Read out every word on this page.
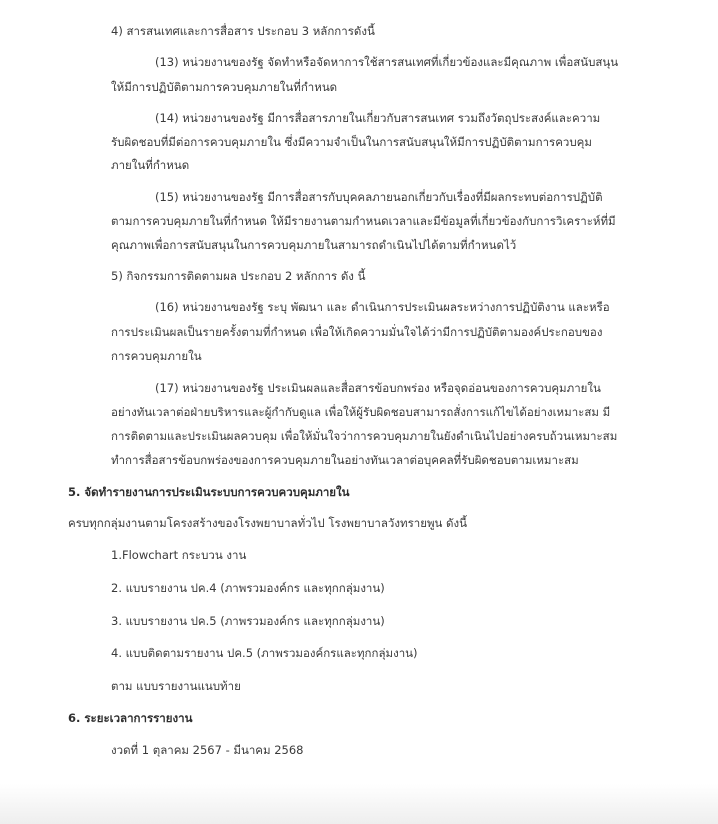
4) สารสนเทศและการสื่อสาร ประกอบ 3 หลักการดังนี้
(13) หน่วยงานของรัฐ จัดทำหรือจัดหาการใช้สารสนเทศที่เกี่ยวข้องและมีคุณภาพ เพื่อสนับสนุน
ให้มีการปฏิบัติตามการควบคุมภายในที่กำหนด
(14) หน่วยงานของรัฐ มีการสื่อสารภายในเกี่ยวกับสารสนเทศ รวมถึงวัตถุประสงค์และความ
รับผิดชอบที่มีต่อการควบคุมภายใน ซึ่งมีความจำเป็นในการสนับสนุนให้มีการปฏิบัติตามการควบคุม
ภายในที่กำหนด
(15) หน่วยงานของรัฐ มีการสื่อสารกับบุคคลภายนอกเกี่ยวกับเรื่องที่มีผลกระทบต่อการปฏิบัติ
ตามการควบคุมภายในที่กำหนด ให้มีรายงานตามกำหนดเวลาและมีข้อมูลที่เกี่ยวข้องกับการวิเคราะห์ที่มี
คุณภาพเพื่อการสนับสนุนในการควบคุมภายในสามารถดำเนินไปได้ตามที่กำหนดไว้
5) กิจกรรมการติดตามผล ประกอบ 2 หลักการ ดัง นี้
(16) หน่วยงานของรัฐ ระบุ พัฒนา และ ดำเนินการประเมินผลระหว่างการปฏิบัติงาน และหรือ
การประเมินผลเป็นรายครั้งตามที่กำหนด เพื่อให้เกิดความมั่นใจได้ว่ามีการปฏิบัติตามองค์ประกอบของ
การควบคุมภายใน
(17) หน่วยงานของรัฐ ประเมินผลและสื่อสารข้อบกพร่อง หรือจุดอ่อนของการควบคุมภายใน
อย่างทันเวลาต่อฝ่ายบริหารและผู้กำกับดูแล เพื่อให้ผู้รับผิดชอบสามารถสั่งการแก้ไขได้อย่างเหมาะสม มี
การติดตามและประเมินผลควบคุม เพื่อให้มั่นใจว่าการควบคุมภายในยังดำเนินไปอย่างครบถ้วนเหมาะสม
ทำการสื่อสารข้อบกพร่องของการควบคุมภายในอย่างทันเวลาต่อบุคคลที่รับผิดชอบตามเหมาะสม
5. จัดทำรายงานการประเมินระบบการควบควบคุมภายใน
ครบทุกกลุ่มงานตามโครงสร้างของโรงพยาบาลทั่วไป โรงพยาบาลวังทรายพูน ดังนี้
1.Flowchart กระบวน งาน
2. แบบรายงาน ปค.4 (ภาพรวมองค์กร และทุกกลุ่มงาน)
3. แบบรายงาน ปค.5 (ภาพรวมองค์กร และทุกกลุ่มงาน)
4. แบบติดตามรายงาน ปค.5 (ภาพรวมองค์กรและทุกกลุ่มงาน)
ตาม แบบรายงานแนบท้าย
6. ระยะเวลาการรายงาน
งวดที่ 1 ตุลาคม 2567 - มีนาคม 2568
